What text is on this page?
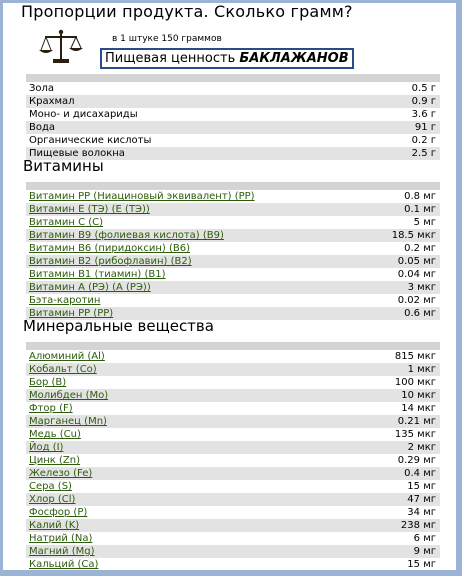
Пропорции продукта. Сколько грамм?
в 1 штуке 150 граммов
Пищевая ценность БАКЛАЖАНОВ
Зола	0.5 г
Крахмал	0.9 г
Моно- и дисахариды	3.6 г
Вода	91 г
Органические кислоты	0.2 г
Пищевые волокна	2.5 г
Витамины
Витамин PP (Ниациновый эквивалент) (PP)	0.8 мг
Витамин Е (ТЭ) (Е (ТЭ))	0.1 мг
Витамин С (С)	5 мг
Витамин В9 (фолиевая кислота) (В9)	18.5 мкг
Витамин В6 (пиридоксин) (В6)	0.2 мг
Витамин В2 (рибофлавин) (В2)	0.05 мг
Витамин В1 (тиамин) (В1)	0.04 мг
Витамин А (РЭ) (А (РЭ))	3 мкг
Бэта-каротин	0.02 мг
Витамин PP (PP)	0.6 мг
Минеральные вещества
Алюминий (Al)	815 мкг
Кобальт (Co)	1 мкг
Бор (B)	100 мкг
Молибден (Mo)	10 мкг
Фтор (F)	14 мкг
Марганец (Mn)	0.21 мг
Медь (Cu)	135 мкг
Йод (I)	2 мкг
Цинк (Zn)	0.29 мг
Железо (Fe)	0.4 мг
Сера (S)	15 мг
Хлор (Cl)	47 мг
Фосфор (P)	34 мг
Калий (K)	238 мг
Натрий (Na)	6 мг
Магний (Mg)	9 мг
Кальций (Ca)	15 мг
